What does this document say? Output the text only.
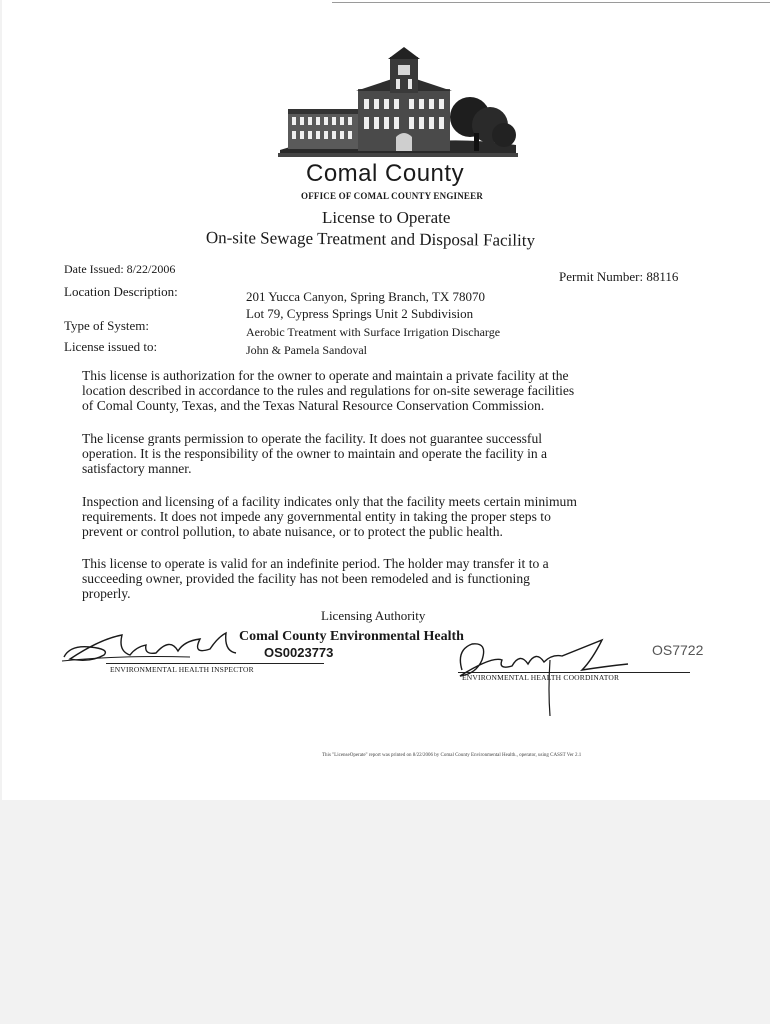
Comal County
OFFICE OF COMAL COUNTY ENGINEER
License to Operate
On-site Sewage Treatment and Disposal Facility
Date Issued: 8/22/2006	Permit Number: 88116
Location Description:	201 Yucca Canyon, Spring Branch, TX 78070
Lot 79, Cypress Springs Unit 2 Subdivision
Type of System:	Aerobic Treatment with Surface Irrigation Discharge
License issued to:	John & Pamela Sandoval
This license is authorization for the owner to operate and maintain a private facility at the
location described in accordance to the rules and regulations for on-site sewerage facilities
of Comal County, Texas, and the Texas Natural Resource Conservation Commission.
The license grants permission to operate the facility. It does not guarantee successful
operation. It is the responsibility of the owner to maintain and operate the facility in a
satisfactory manner.
Inspection and licensing of a facility indicates only that the facility meets certain minimum
requirements. It does not impede any governmental entity in taking the proper steps to
prevent or control pollution, to abate nuisance, or to protect the public health.
This license to operate is valid for an indefinite period. The holder may transfer it to a
succeeding owner, provided the facility has not been remodeled and is functioning
properly.
Licensing Authority
Comal County Environmental Health
OS0023773	OS7722
ENVIRONMENTAL HEALTH INSPECTOR
ENVIRONMENTAL HEALTH COORDINATOR
This "LicenseOperate" report was printed on 8/22/2006 by Comal County Environmental Health., operator, using CASST Ver 2.1
